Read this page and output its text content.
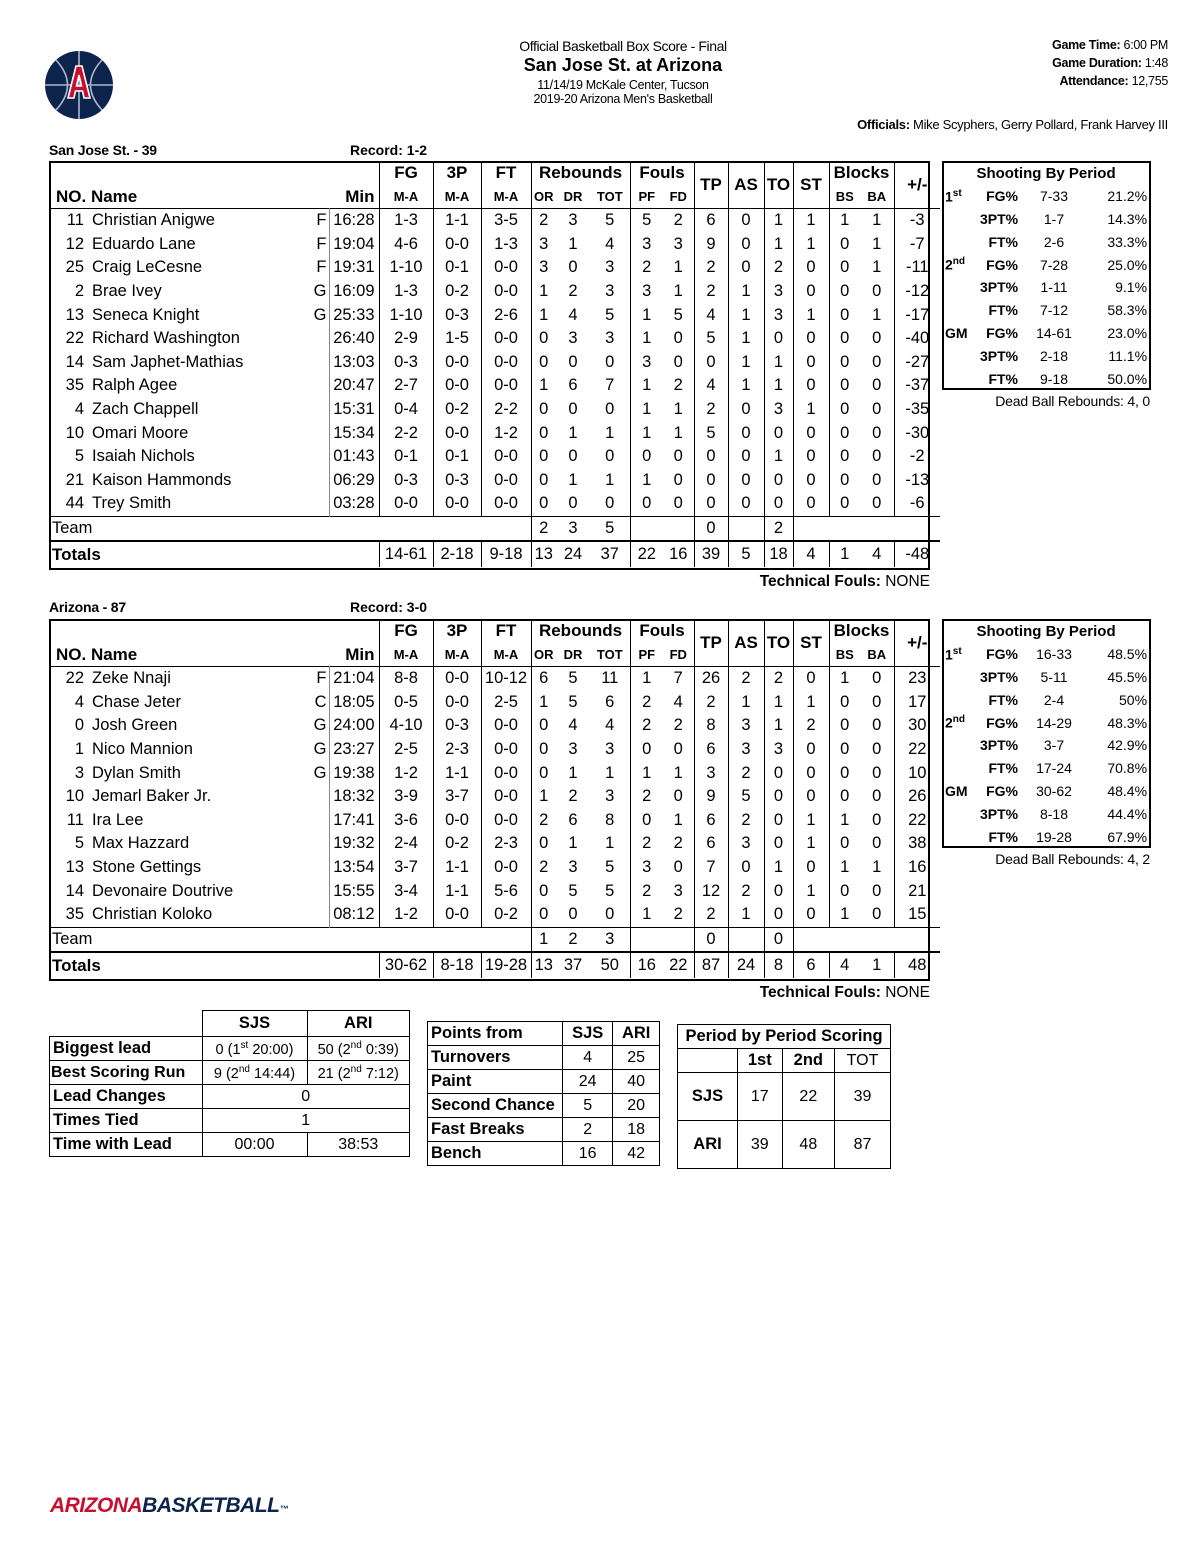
Official Basketball Box Score - Final
San Jose St. at Arizona
11/14/19 McKale Center, Tucson
2019-20 Arizona Men's Basketball
Game Time: 6:00 PM
Game Duration: 1:48
Attendance: 12,755
Officials: Mike Scyphers, Gerry Pollard, Frank Harvey III
San Jose St. - 39	Record: 1-2
Arizona - 87	Record: 3-0
				FG	3P	FT	Rebounds			Fouls		TP	AS	TO	ST	Blocks		+/-
NO. Name			Min	M-A	M-A	M-A	OR	DR	TOT	PF	FD					BS	BA	
11	Christian Anigwe	F	16:28	1-3	1-1	3-5	2	3	5	5	2	6	0	1	1	1	1	-3
12	Eduardo Lane	F	19:04	4-6	0-0	1-3	3	1	4	3	3	9	0	1	1	0	1	-7
25	Craig LeCesne	F	19:31	1-10	0-1	0-0	3	0	3	2	1	2	0	2	0	0	1	-11
2	Brae Ivey	G	16:09	1-3	0-2	0-0	1	2	3	3	1	2	1	3	0	0	0	-12
13	Seneca Knight	G	25:33	1-10	0-3	2-6	1	4	5	1	5	4	1	3	1	0	1	-17
22	Richard Washington		26:40	2-9	1-5	0-0	0	3	3	1	0	5	1	0	0	0	0	-40
14	Sam Japhet-Mathias		13:03	0-3	0-0	0-0	0	0	0	3	0	0	1	1	0	0	0	-27
35	Ralph Agee		20:47	2-7	0-0	0-0	1	6	7	1	2	4	1	1	0	0	0	-37
4	Zach Chappell		15:31	0-4	0-2	2-2	0	0	0	1	1	2	0	3	1	0	0	-35
10	Omari Moore		15:34	2-2	0-0	1-2	0	1	1	1	1	5	0	0	0	0	0	-30
5	Isaiah Nichols		01:43	0-1	0-1	0-0	0	0	0	0	0	0	0	1	0	0	0	-2
21	Kaison Hammonds		06:29	0-3	0-3	0-0	0	1	1	1	0	0	0	0	0	0	0	-13
44	Trey Smith		03:28	0-0	0-0	0-0	0	0	0	0	0	0	0	0	0	0	0	-6
Team							2	3	5			0		2				
Totals				14-61	2-18	9-18	13	24	37	22	16	39	5	18	4	1	4	-48
				FG	3P	FT	Rebounds			Fouls		TP	AS	TO	ST	Blocks		+/-
NO. Name			Min	M-A	M-A	M-A	OR	DR	TOT	PF	FD					BS	BA	
22	Zeke Nnaji	F	21:04	8-8	0-0	10-12	6	5	11	1	7	26	2	2	0	1	0	23
4	Chase Jeter	C	18:05	0-5	0-0	2-5	1	5	6	2	4	2	1	1	1	0	0	17
0	Josh Green	G	24:00	4-10	0-3	0-0	0	4	4	2	2	8	3	1	2	0	0	30
1	Nico Mannion	G	23:27	2-5	2-3	0-0	0	3	3	0	0	6	3	3	0	0	0	22
3	Dylan Smith	G	19:38	1-2	1-1	0-0	0	1	1	1	1	3	2	0	0	0	0	10
10	Jemarl Baker Jr.		18:32	3-9	3-7	0-0	1	2	3	2	0	9	5	0	0	0	0	26
11	Ira Lee		17:41	3-6	0-0	0-0	2	6	8	0	1	6	2	0	1	1	0	22
5	Max Hazzard		19:32	2-4	0-2	2-3	0	1	1	2	2	6	3	0	1	0	0	38
13	Stone Gettings		13:54	3-7	1-1	0-0	2	3	5	3	0	7	0	1	0	1	1	16
14	Devonaire Doutrive		15:55	3-4	1-1	5-6	0	5	5	2	3	12	2	0	1	0	0	21
35	Christian Koloko		08:12	1-2	0-0	0-2	0	0	0	1	2	2	1	0	0	1	0	15
Team							1	2	3			0		0				
Totals				30-62	8-18	19-28	13	37	50	16	22	87	24	8	6	4	1	48
Technical Fouls: NONE
Technical Fouls: NONE
Shooting By Period			
1st	FG%	7-33	21.2%
	3PT%	1-7	14.3%
	FT%	2-6	33.3%
2nd	FG%	7-28	25.0%
	3PT%	1-11	9.1%
	FT%	7-12	58.3%
GM	FG%	14-61	23.0%
	3PT%	2-18	11.1%
	FT%	9-18	50.0%
Dead Ball Rebounds: 4, 0
Shooting By Period			
1st	FG%	16-33	48.5%
	3PT%	5-11	45.5%
	FT%	2-4	50%
2nd	FG%	14-29	48.3%
	3PT%	3-7	42.9%
	FT%	17-24	70.8%
GM	FG%	30-62	48.4%
	3PT%	8-18	44.4%
	FT%	19-28	67.9%
Dead Ball Rebounds: 4, 2
	SJS	ARI
Biggest lead	0 (1st 20:00)	50 (2nd 0:39)
Best Scoring Run	9 (2nd 14:44)	21 (2nd 7:12)
Lead Changes	0	
Times Tied	1	
Time with Lead	00:00	38:53
Points from	SJS	ARI
Turnovers	4	25
Paint	24	40
Second Chance	5	20
Fast Breaks	2	18
Bench	16	42
Period by Period Scoring			
	1st	2nd	TOT
SJS	17	22	39
ARI	39	48	87
ARIZONABASKETBALL™
